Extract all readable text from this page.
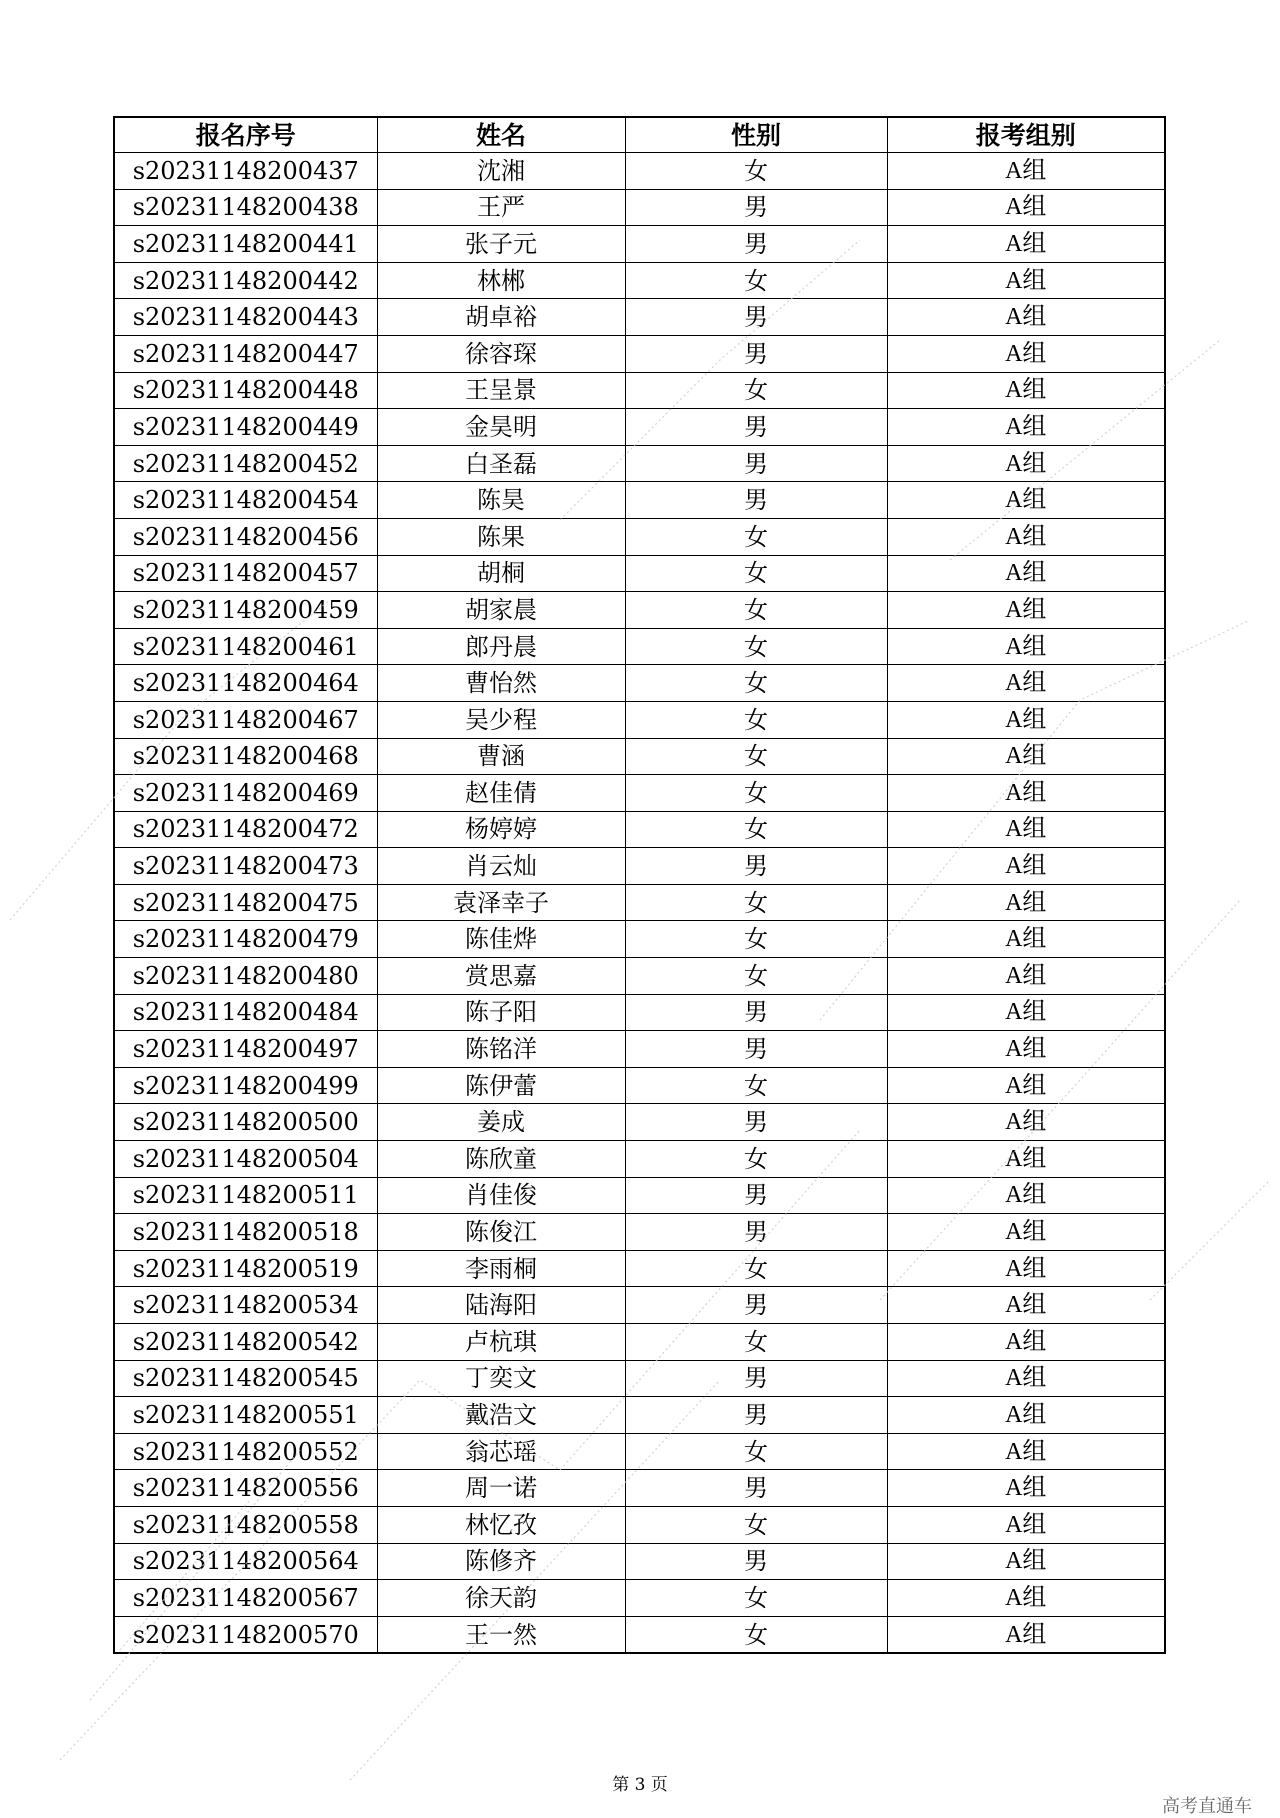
报名序号	姓名	性别	报考组别
s20231148200437	沈湘	女	A组
s20231148200438	王严	男	A组
s20231148200441	张子元	男	A组
s20231148200442	林郴	女	A组
s20231148200443	胡卓裕	男	A组
s20231148200447	徐容琛	男	A组
s20231148200448	王呈景	女	A组
s20231148200449	金昊明	男	A组
s20231148200452	白圣磊	男	A组
s20231148200454	陈昊	男	A组
s20231148200456	陈果	女	A组
s20231148200457	胡桐	女	A组
s20231148200459	胡家晨	女	A组
s20231148200461	郎丹晨	女	A组
s20231148200464	曹怡然	女	A组
s20231148200467	吴少程	女	A组
s20231148200468	曹涵	女	A组
s20231148200469	赵佳倩	女	A组
s20231148200472	杨婷婷	女	A组
s20231148200473	肖云灿	男	A组
s20231148200475	袁泽幸子	女	A组
s20231148200479	陈佳烨	女	A组
s20231148200480	赏思嘉	女	A组
s20231148200484	陈子阳	男	A组
s20231148200497	陈铭洋	男	A组
s20231148200499	陈伊蕾	女	A组
s20231148200500	姜成	男	A组
s20231148200504	陈欣童	女	A组
s20231148200511	肖佳俊	男	A组
s20231148200518	陈俊江	男	A组
s20231148200519	李雨桐	女	A组
s20231148200534	陆海阳	男	A组
s20231148200542	卢杭琪	女	A组
s20231148200545	丁奕文	男	A组
s20231148200551	戴浩文	男	A组
s20231148200552	翁芯瑶	女	A组
s20231148200556	周一诺	男	A组
s20231148200558	林忆孜	女	A组
s20231148200564	陈修齐	男	A组
s20231148200567	徐天韵	女	A组
s20231148200570	王一然	女	A组
第 3 页
高考直通车
